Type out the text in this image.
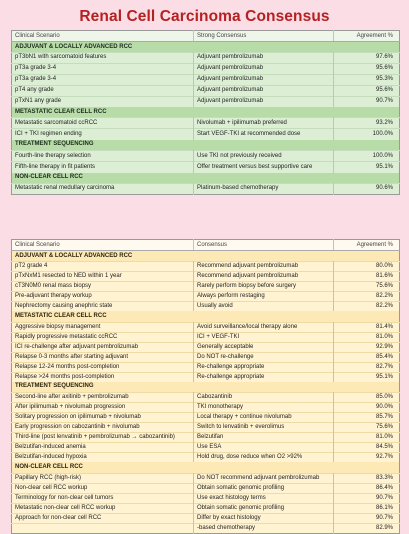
Renal Cell Carcinoma Consensus
Clinical Scenario	Strong Consensus	Agreement %
ADJUVANT & LOCALLY ADVANCED RCC		
pT3bN1 with sarcomatoid features	Adjuvant pembrolizumab	97.6%
pT3a grade 3-4	Adjuvant pembrolizumab	95.6%
pT3a grade 3-4	Adjuvant pembrolizumab	95.3%
pT4 any grade	Adjuvant pembrolizumab	95.6%
pTxN1 any grade	Adjuvant pembrolizumab	90.7%
METASTATIC CLEAR CELL RCC		
Metastatic sarcomatoid ccRCC	Nivolumab + ipilimumab preferred	93.2%
ICI + TKI regimen ending	Start VEGF-TKI at recommended dose	100.0%
TREATMENT SEQUENCING		
Fourth-line therapy selection	Use TKI not previously received	100.0%
Fifth-line therapy in fit patients	Offer treatment versus best supportive care	95.1%
NON-CLEAR CELL RCC		
Metastatic renal medullary carcinoma	Platinum-based chemotherapy	90.6%
Clinical Scenario	Consensus	Agreement %
ADJUVANT & LOCALLY ADVANCED RCC		
pT2 grade 4	Recommend adjuvant pembrolizumab	80.0%
pTxNxM1 resected to NED within 1 year	Recommend adjuvant pembrolizumab	81.6%
cT3N0M0 renal mass biopsy	Rarely perform biopsy before surgery	75.6%
Pre-adjuvant therapy workup	Always perform restaging	82.2%
Nephrectomy causing anephric state	Usually avoid	82.2%
METASTATIC CLEAR CELL RCC		
Aggressive biopsy management	Avoid surveillance/local therapy alone	81.4%
Rapidly progressive metastatic ccRCC	ICI + VEGF-TKI	81.0%
ICI re-challenge after adjuvant pembrolizumab	Generally acceptable	92.9%
Relapse 0-3 months after starting adjuvant	Do NOT re-challenge	85.4%
Relapse 12-24 months post-completion	Re-challenge appropriate	82.7%
Relapse >24 months post-completion	Re-challenge appropriate	95.1%
TREATMENT SEQUENCING		
Second-line after axitinib + pembrolizumab	Cabozantinib	85.0%
After ipilimumab + nivolumab progression	TKI monotherapy	90.0%
Solitary progression on ipilimumab + nivolumab	Local therapy + continue nivolumab	85.7%
Early progression on cabozantinib + nivolumab	Switch to lenvatinib + everolimus	75.6%
Third-line (post lenvatinib + pembrolizumab → cabozantinib)	Belzutifan	81.0%
Belzutifan-induced anemia	Use ESA	84.5%
Belzutifan-induced hypoxia	Hold drug, dose reduce when O2 >92%	92.7%
NON-CLEAR CELL RCC		
Papillary RCC (high-risk)	Do NOT recommend adjuvant pembrolizumab	83.3%
Non-clear cell RCC workup	Obtain somatic genomic profiling	86.4%
Terminology for non-clear cell tumors	Use exact histology terms	90.7%
Metastatic non-clear cell RCC workup	Obtain somatic genomic profiling	86.1%
Approach for non-clear cell RCC	Differ by exact histology	90.7%
	-based chemotherapy	82.9%
